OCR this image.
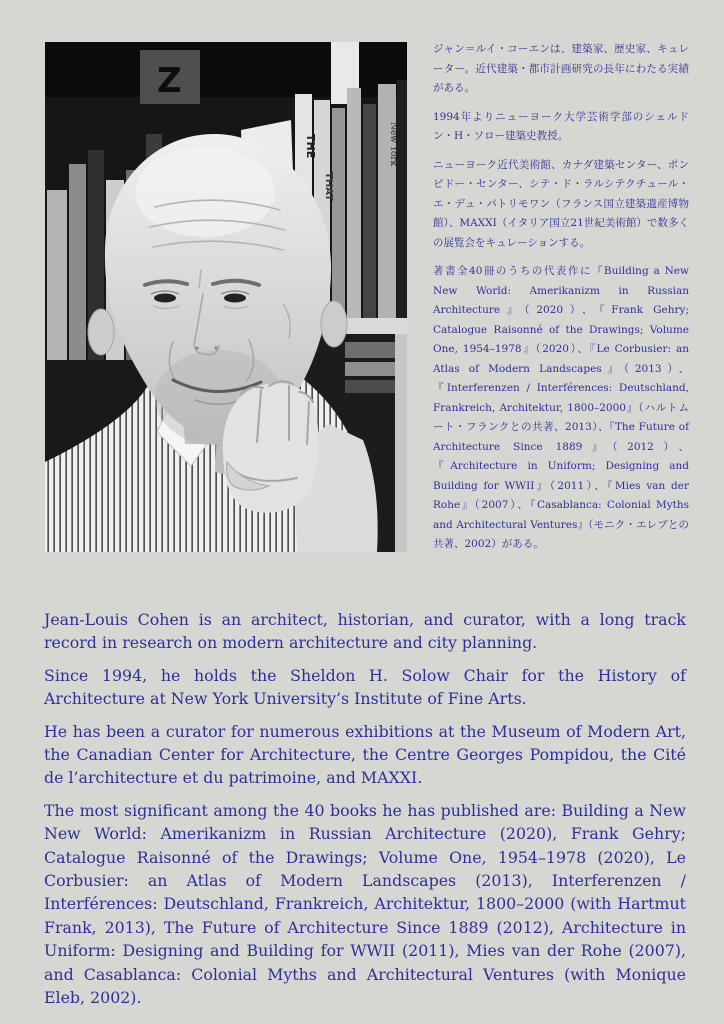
Z
THE
THAT
New York

ジャン＝ルイ・コーエンは、建築家、歴史家、キュレーター。近代建築・都市計画研究の長年にわたる実績がある。

1994年よりニューヨーク大学芸術学部のシェルドン・H・ソロー建築史教授。

ニューヨーク近代美術館、カナダ建築センター、ポンピドー・センター、シテ・ド・ラルシテクチュール・エ・デュ・パトリモワン（フランス国立建築遺産博物館）、MAXXI（イタリア国立21世紀美術館）で数多くの展覧会をキュレーションする。

著書全40冊のうちの代表作に『Building a New New World: Amerikanizm in Russian Architecture』（2020）、『Frank Gehry; Catalogue Raisonné of the Drawings; Volume One, 1954–1978』（2020）、『Le Corbusier: an Atlas of Modern Landscapes』（2013）、『Interferenzen / Interférences: Deutschland, Frankreich, Architektur, 1800–2000』（ハルトムート・フランクとの共著、2013）、『The Future of Architecture Since 1889』（2012）、『Architecture in Uniform; Designing and Building for WWII』（2011）、『Mies van der Rohe』（2007）、『Casablanca: Colonial Myths and Architectural Ventures』（モニク・エレブとの共著、2002）がある。

Jean-Louis Cohen is an architect, historian, and curator, with a long track record in research on modern architecture and city planning.

Since 1994, he holds the Sheldon H. Solow Chair for the History of Architecture at New York University’s Institute of Fine Arts.

He has been a curator for numerous exhibitions at the Museum of Modern Art, the Canadian Center for Architecture, the Centre Georges Pompidou, the Cité de l’architecture et du patrimoine, and MAXXI.

The most significant among the 40 books he has published are: Building a New New World: Amerikanizm in Russian Architecture (2020), Frank Gehry; Catalogue Raisonné of the Drawings; Volume One, 1954–1978 (2020), Le Corbusier: an Atlas of Modern Landscapes (2013), Interferenzen / Interférences: Deutschland, Frankreich, Architektur, 1800–2000 (with Hartmut Frank, 2013), The Future of Architecture Since 1889 (2012), Architecture in Uniform: Designing and Building for WWII (2011), Mies van der Rohe (2007), and Casablanca: Colonial Myths and Architectural Ventures (with Monique Eleb, 2002).
